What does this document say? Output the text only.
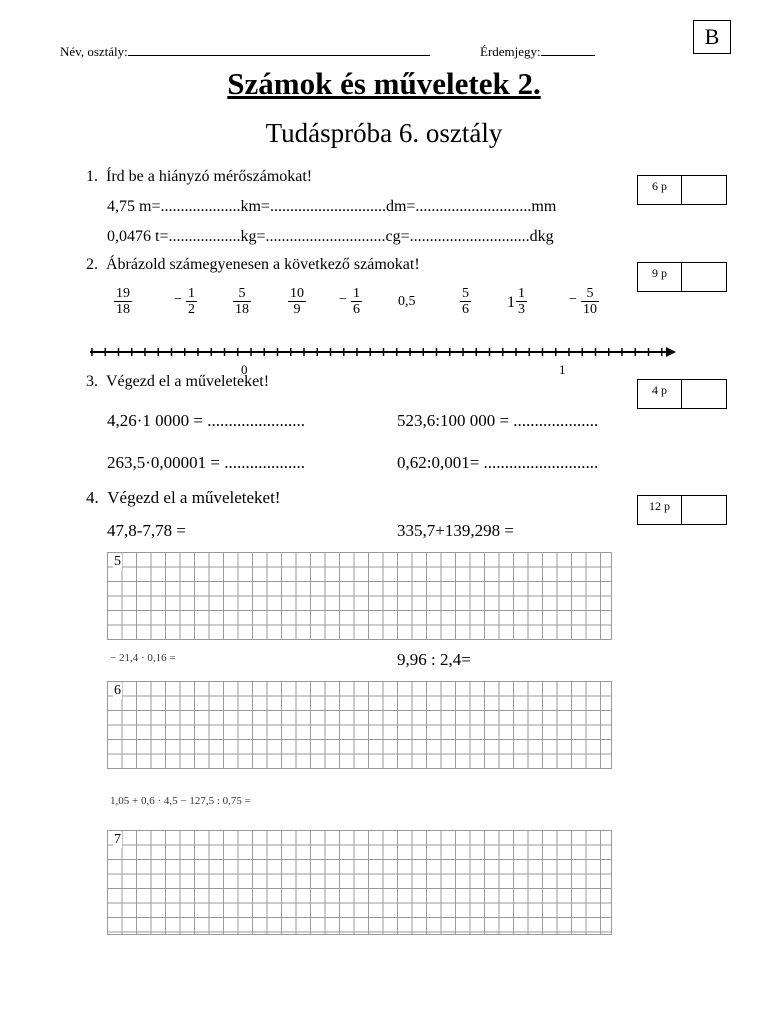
B
Név, osztály:	Érdemjegy:
Számok és műveletek 2.
Tudáspróba 6. osztály
1. Írd be a hiányzó mérőszámokat!
6 p
4,75 m=....................km=.............................dm=.............................mm
0,0476 t=..................kg=..............................cg=..............................dkg
2. Ábrázold számegyenesen a következő számokat!	9 p
$\frac{19}{18}$	− $\frac{1}{2}$	$\frac{5}{18}$	$\frac{10}{9} - \frac{1}{6}$	0,5	$\frac{5}{6} 1 \frac{1}{3}$	− $\frac{5}{10}$
0	1
3. Végezd el a műveleteket!	4 p
4,26·1 0000 = .......................	523,6:100 000 = ....................
263,5·0,00001 = ...................	0,62:0,001= ...........................
4. Végezd el a műveleteket!	12 p
47,8-7,78 =	335,7+139,298 =
5
− 21,4 · 0,16 =	9,96 : 2,4=
6
1,05 + 0,6 · 4,5 − 127,5 : 0,75 =
7
